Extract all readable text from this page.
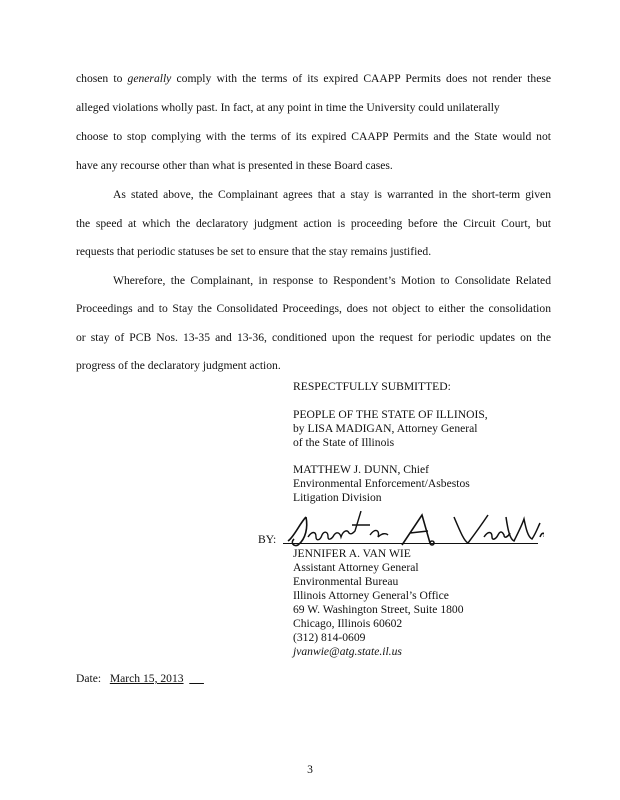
chosen to generally comply with the terms of its expired CAAPP Permits does not render these
alleged violations wholly past. In fact, at any point in time the University could unilaterally
choose to stop complying with the terms of its expired CAAPP Permits and the State would not
have any recourse other than what is presented in these Board cases.
As stated above, the Complainant agrees that a stay is warranted in the short-term given
the speed at which the declaratory judgment action is proceeding before the Circuit Court, but
requests that periodic statuses be set to ensure that the stay remains justified.
Wherefore, the Complainant, in response to Respondent’s Motion to Consolidate Related
Proceedings and to Stay the Consolidated Proceedings, does not object to either the consolidation
or stay of PCB Nos. 13-35 and 13-36, conditioned upon the request for periodic updates on the
progress of the declaratory judgment action.
RESPECTFULLY SUBMITTED:
PEOPLE OF THE STATE OF ILLINOIS,
by LISA MADIGAN, Attorney General
of the State of Illinois
MATTHEW J. DUNN, Chief
Environmental Enforcement/Asbestos
Litigation Division
BY:
JENNIFER A. VAN WIE
Assistant Attorney General
Environmental Bureau
Illinois Attorney General’s Office
69 W. Washington Street, Suite 1800
Chicago, Illinois 60602
(312) 814-0609
jvanwie@atg.state.il.us
Date: March 15, 2013 _ _
3
